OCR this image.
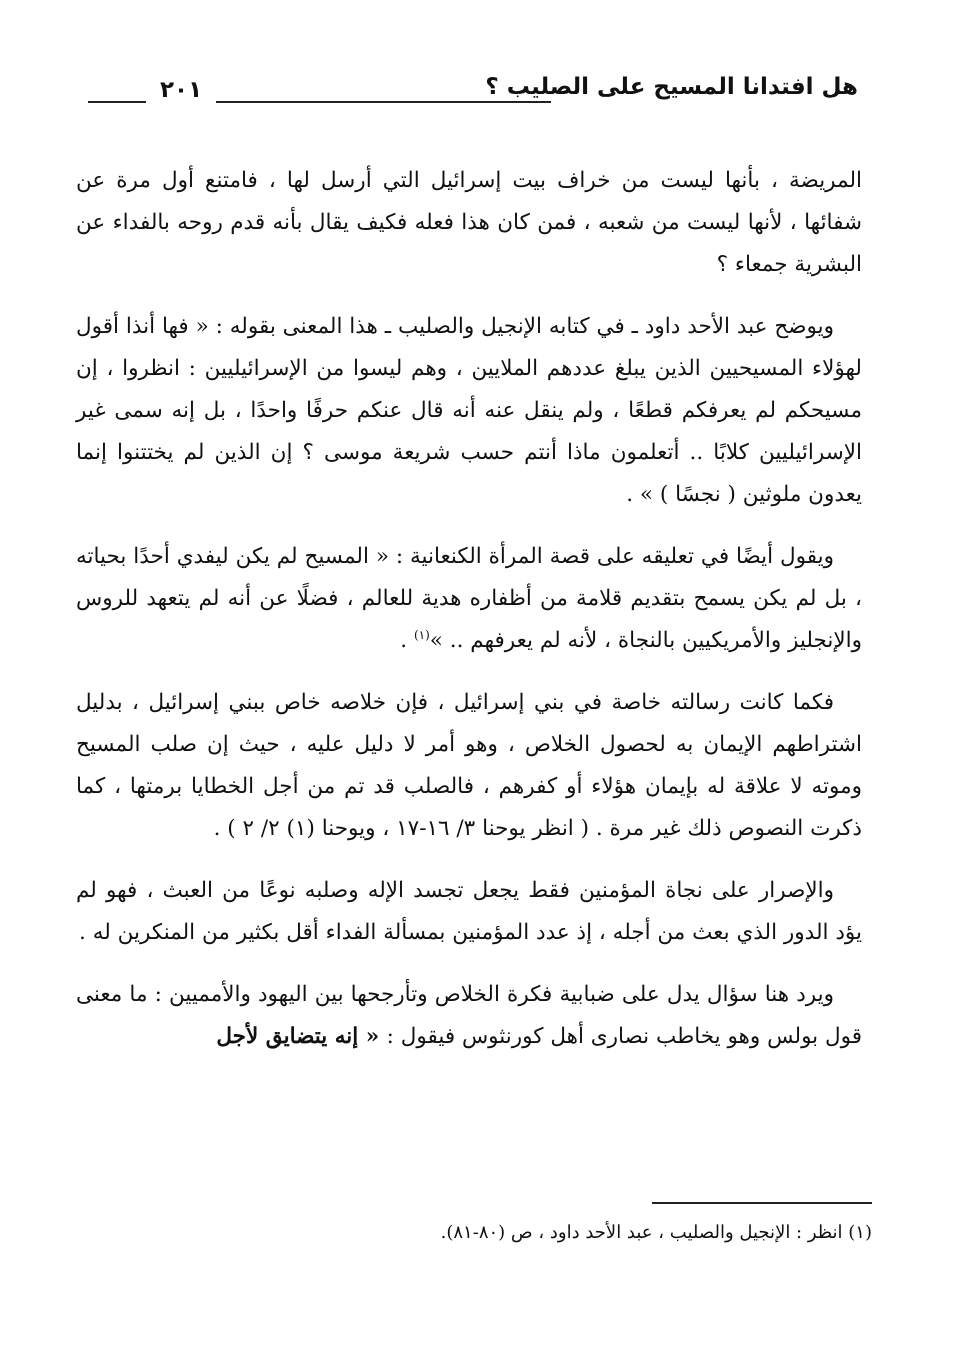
هل افتدانا المسيح على الصليب ؟
٢٠١

المريضة ، بأنها ليست من خراف بيت إسرائيل التي أرسل لها ، فامتنع أول مرة عن شفائها ، لأنها ليست من شعبه ، فمن كان هذا فعله فكيف يقال بأنه قدم روحه بالفداء عن البشرية جمعاء ؟

ويوضح عبد الأحد داود ـ في كتابه الإنجيل والصليب ـ هذا المعنى بقوله : « فها أنذا أقول لهؤلاء المسيحيين الذين يبلغ عددهم الملايين ، وهم ليسوا من الإسرائيليين : انظروا ، إن مسيحكم لم يعرفكم قطعًا ، ولم ينقل عنه أنه قال عنكم حرفًا واحدًا ، بل إنه سمى غير الإسرائيليين كلابًا .. أتعلمون ماذا أنتم حسب شريعة موسى ؟ إن الذين لم يختتنوا إنما يعدون ملوثين ( نجسًا ) » .

ويقول أيضًا في تعليقه على قصة المرأة الكنعانية : « المسيح لم يكن ليفدي أحدًا بحياته ، بل لم يكن يسمح بتقديم قلامة من أظفاره هدية للعالم ، فضلًا عن أنه لم يتعهد للروس والإنجليز والأمريكيين بالنجاة ، لأنه لم يعرفهم .. »$^{(١)}$ .

فكما كانت رسالته خاصة في بني إسرائيل ، فإن خلاصه خاص ببني إسرائيل ، بدليل اشتراطهم الإيمان به لحصول الخلاص ، وهو أمر لا دليل عليه ، حيث إن صلب المسيح وموته لا علاقة له بإيمان هؤلاء أو كفرهم ، فالصلب قد تم من أجل الخطايا برمتها ، كما ذكرت النصوص ذلك غير مرة . ( انظر يوحنا ٣/ ١٦-١٧ ، ويوحنا (١) ٢/ ٢ ) .

والإصرار على نجاة المؤمنين فقط يجعل تجسد الإله وصلبه نوعًا من العبث ، فهو لم يؤد الدور الذي بعث من أجله ، إذ عدد المؤمنين بمسألة الفداء أقل بكثير من المنكرين له .

ويرد هنا سؤال يدل على ضبابية فكرة الخلاص وتأرجحها بين اليهود والأمميين : ما معنى قول بولس وهو يخاطب نصارى أهل كورنثوس فيقول : « إنه يتضايق لأجل

(١) انظر : الإنجيل والصليب ، عبد الأحد داود ، ص (٨٠-٨١).
